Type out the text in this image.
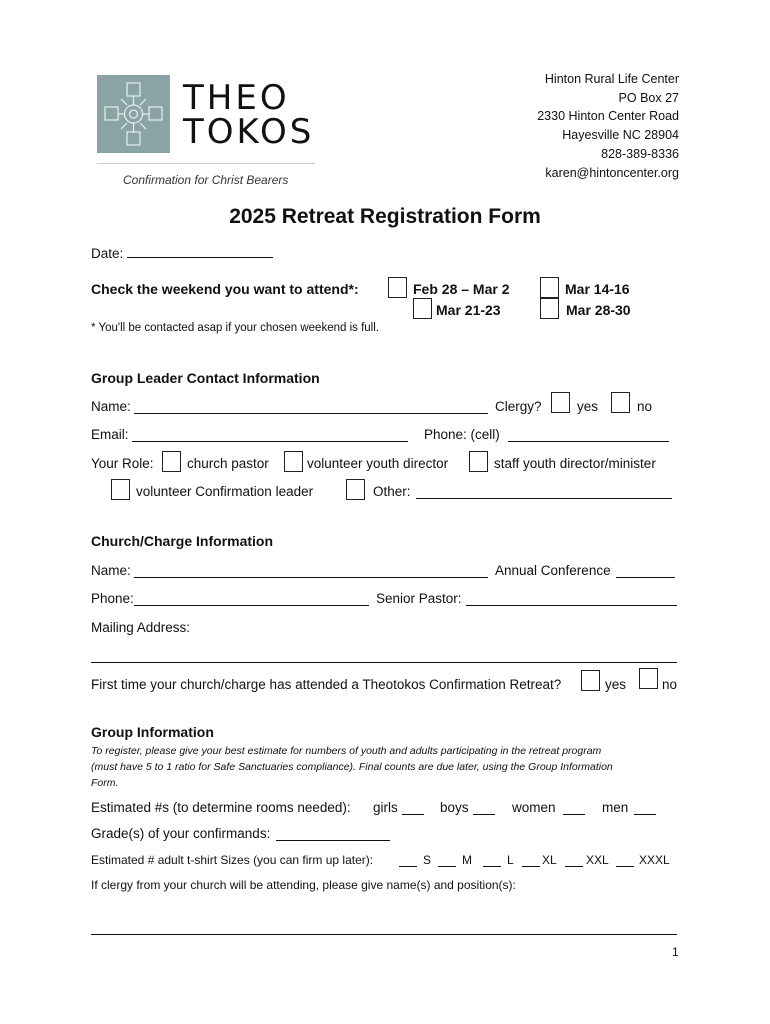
THEO
TOKOS
Confirmation for Christ Bearers
Hinton Rural Life Center
PO Box 27
2330 Hinton Center Road
Hayesville NC 28904
828-389-8336
karen@hintoncenter.org
2025 Retreat Registration Form
Date:
Check the weekend you want to attend*:	Feb 28 – Mar 2	Mar 14-16
Mar 21-23	Mar 28-30
* You'll be contacted asap if your chosen weekend is full.
Group Leader Contact Information
Name:	Clergy?	yes	no
Email:	Phone: (cell)
Your Role: church pastor	volunteer youth director	staff youth director/minister
volunteer Confirmation leader	Other:
Church/Charge Information
Name:	Annual Conference
Phone:	Senior Pastor:
Mailing Address:
First time your church/charge has attended a Theotokos Confirmation Retreat?	yes	no
Group Information
To register, please give your best estimate for numbers of youth and adults participating in the retreat program
(must have 5 to 1 ratio for Safe Sanctuaries compliance). Final counts are due later, using the Group Information
Form.
Estimated #s (to determine rooms needed): girls	boys	women	men
Grade(s) of your confirmands:
Estimated # adult t-shirt Sizes (you can firm up later):	S	M	L XL XXL	XXXL
If clergy from your church will be attending, please give name(s) and position(s):
1
